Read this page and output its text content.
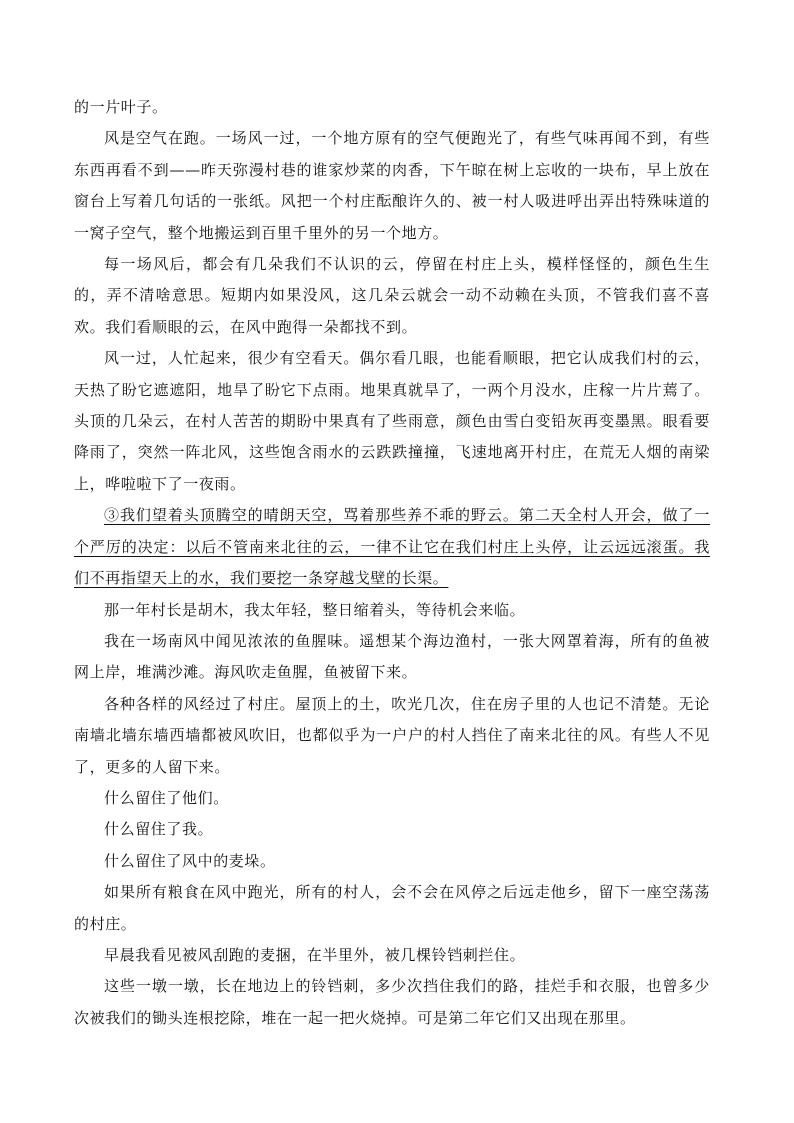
的一片叶子。

风是空气在跑。一场风一过，一个地方原有的空气便跑光了，有些气味再闻不到，有些东西再看不到——昨天弥漫村巷的谁家炒菜的肉香，下午晾在树上忘收的一块布，早上放在窗台上写着几句话的一张纸。风把一个村庄酝酿许久的、被一村人吸进呼出弄出特殊味道的一窝子空气，整个地搬运到百里千里外的另一个地方。

每一场风后，都会有几朵我们不认识的云，停留在村庄上头，模样怪怪的，颜色生生的，弄不清啥意思。短期内如果没风，这几朵云就会一动不动赖在头顶，不管我们喜不喜欢。我们看顺眼的云，在风中跑得一朵都找不到。

风一过，人忙起来，很少有空看天。偶尔看几眼，也能看顺眼，把它认成我们村的云，天热了盼它遮遮阳，地旱了盼它下点雨。地果真就旱了，一两个月没水，庄稼一片片蔫了。头顶的几朵云，在村人苦苦的期盼中果真有了些雨意，颜色由雪白变铅灰再变墨黑。眼看要降雨了，突然一阵北风，这些饱含雨水的云跌跌撞撞，飞速地离开村庄，在荒无人烟的南梁上，哗啦啦下了一夜雨。

③我们望着头顶腾空的晴朗天空，骂着那些养不乖的野云。第二天全村人开会，做了一个严厉的决定：以后不管南来北往的云，一律不让它在我们村庄上头停，让云远远滚蛋。我们不再指望天上的水，我们要挖一条穿越戈壁的长渠。

那一年村长是胡木，我太年轻，整日缩着头，等待机会来临。

我在一场南风中闻见浓浓的鱼腥味。遥想某个海边渔村，一张大网罩着海，所有的鱼被网上岸，堆满沙滩。海风吹走鱼腥，鱼被留下来。

各种各样的风经过了村庄。屋顶上的土，吹光几次，住在房子里的人也记不清楚。无论南墙北墙东墙西墙都被风吹旧，也都似乎为一户户的村人挡住了南来北往的风。有些人不见了，更多的人留下来。

什么留住了他们。

什么留住了我。

什么留住了风中的麦垛。

如果所有粮食在风中跑光，所有的村人，会不会在风停之后远走他乡，留下一座空荡荡的村庄。

早晨我看见被风刮跑的麦捆，在半里外，被几棵铃铛刺拦住。

这些一墩一墩，长在地边上的铃铛刺，多少次挡住我们的路，挂烂手和衣服，也曾多少次被我们的锄头连根挖除，堆在一起一把火烧掉。可是第二年它们又出现在那里。
